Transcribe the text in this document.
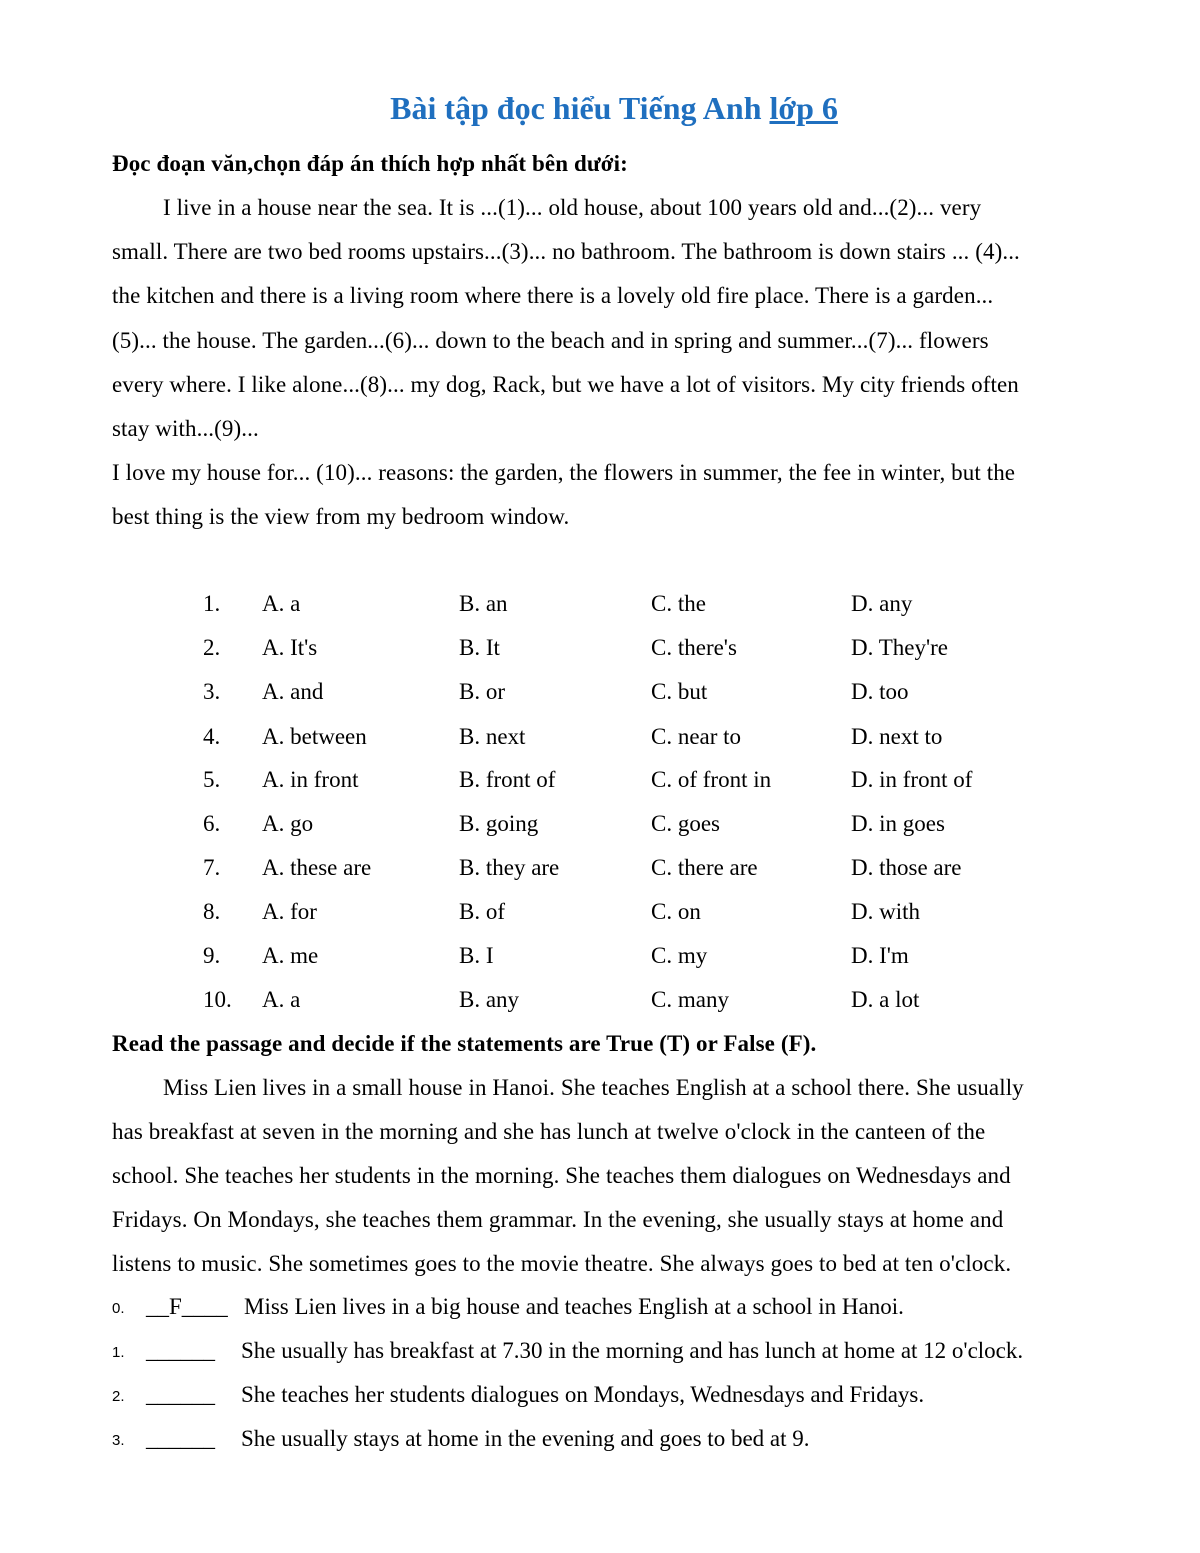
Bài tập đọc hiểu Tiếng Anh lớp 6
Đọc đoạn văn,chọn đáp án thích hợp nhất bên dưới:
I live in a house near the sea. It is ...(1)... old house, about 100 years old and...(2)... very
small. There are two bed rooms upstairs...(3)... no bathroom. The bathroom is down stairs ... (4)...
the kitchen and there is a living room where there is a lovely old fire place. There is a garden...
(5)... the house. The garden...(6)... down to the beach and in spring and summer...(7)... flowers
every where. I like alone...(8)... my dog, Rack, but we have a lot of visitors. My city friends often
stay with...(9)...
I love my house for... (10)... reasons: the garden, the flowers in summer, the fee in winter, but the
best thing is the view from my bedroom window.
1. A. a	B. an	C. the	D. any
2. A. It's	B. It	C. there's	D. They're
3. A. and	B. or	C. but	D. too
4. A. between	B. next	C. near to	D. next to
5. A. in front	B. front of	C. of front in	D. in front of
6. A. go	B. going	C. goes	D. in goes
7. A. these are	B. they are	C. there are	D. those are
8. A. for	B. of	C. on	D. with
9. A. me	B. I	C. my	D. I'm
10. A. a	B. any	C. many	D. a lot
Read the passage and decide if the statements are True (T) or False (F).
Miss Lien lives in a small house in Hanoi. She teaches English at a school there. She usually
has breakfast at seven in the morning and she has lunch at twelve o'clock in the canteen of the
school. She teaches her students in the morning. She teaches them dialogues on Wednesdays and
Fridays. On Mondays, she teaches them grammar. In the evening, she usually stays at home and
listens to music. She sometimes goes to the movie theatre. She always goes to bed at ten o'clock.
0. __F____ Miss Lien lives in a big house and teaches English at a school in Hanoi.
1. ______ She usually has breakfast at 7.30 in the morning and has lunch at home at 12 o'clock.
2. ______ She teaches her students dialogues on Mondays, Wednesdays and Fridays.
3. ______ She usually stays at home in the evening and goes to bed at 9.
